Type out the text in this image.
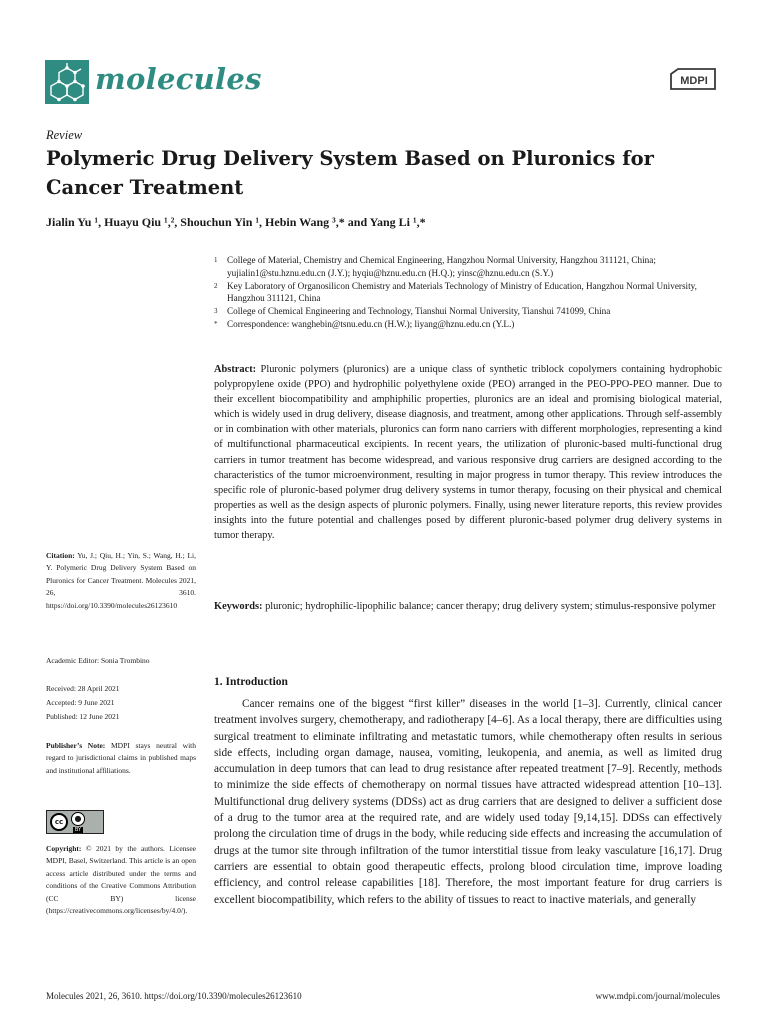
molecules	MDPI
Review
Polymeric Drug Delivery System Based on Pluronics for Cancer Treatment
Jialin Yu ¹, Huayu Qiu ¹,², Shouchun Yin ¹, Hebin Wang ³,* and Yang Li ¹,*
1	College of Material, Chemistry and Chemical Engineering, Hangzhou Normal University, Hangzhou 311121, China; yujialin1@stu.hznu.edu.cn (J.Y.); hyqiu@hznu.edu.cn (H.Q.); yinsc@hznu.edu.cn (S.Y.)
2	Key Laboratory of Organosilicon Chemistry and Materials Technology of Ministry of Education, Hangzhou Normal University, Hangzhou 311121, China
3	College of Chemical Engineering and Technology, Tianshui Normal University, Tianshui 741099, China
*	Correspondence: wanghebin@tsnu.edu.cn (H.W.); liyang@hznu.edu.cn (Y.L.)
Abstract: Pluronic polymers (pluronics) are a unique class of synthetic triblock copolymers containing hydrophobic polypropylene oxide (PPO) and hydrophilic polyethylene oxide (PEO) arranged in the PEO-PPO-PEO manner. Due to their excellent biocompatibility and amphiphilic properties, pluronics are an ideal and promising biological material, which is widely used in drug delivery, disease diagnosis, and treatment, among other applications. Through self-assembly or in combination with other materials, pluronics can form nano carriers with different morphologies, representing a kind of multifunctional pharmaceutical excipients. In recent years, the utilization of pluronic-based multi-functional drug carriers in tumor treatment has become widespread, and various responsive drug carriers are designed according to the characteristics of the tumor microenvironment, resulting in major progress in tumor therapy. This review introduces the specific role of pluronic-based polymer drug delivery systems in tumor therapy, focusing on their physical and chemical properties as well as the design aspects of pluronic polymers. Finally, using newer literature reports, this review provides insights into the future potential and challenges posed by different pluronic-based polymer drug delivery systems in tumor therapy.
Keywords: pluronic; hydrophilic-lipophilic balance; cancer therapy; drug delivery system; stimulus-responsive polymer
Citation: Yu, J.; Qiu, H.; Yin, S.; Wang, H.; Li, Y. Polymeric Drug Delivery System Based on Pluronics for Cancer Treatment. Molecules 2021, 26, 3610. https://doi.org/10.3390/molecules26123610
Academic Editor: Sonia Trombino
Received: 28 April 2021
Accepted: 9 June 2021
Published: 12 June 2021
Publisher’s Note: MDPI stays neutral with regard to jurisdictional claims in published maps and institutional affiliations.
cc	●
BY
Copyright: © 2021 by the authors. Licensee MDPI, Basel, Switzerland. This article is an open access article distributed under the terms and conditions of the Creative Commons Attribution (CC BY) license (https://creativecommons.org/licenses/by/4.0/).
1. Introduction
Cancer remains one of the biggest “first killer” diseases in the world [1–3]. Currently, clinical cancer treatment involves surgery, chemotherapy, and radiotherapy [4–6]. As a local therapy, there are difficulties using surgical treatment to eliminate infiltrating and metastatic tumors, while chemotherapy often results in serious side effects, including organ damage, nausea, vomiting, leukopenia, and anemia, as well as limited drug accumulation in deep tumors that can lead to drug resistance after repeated treatment [7–9]. Recently, methods to minimize the side effects of chemotherapy on normal tissues have attracted widespread attention [10–13]. Multifunctional drug delivery systems (DDSs) act as drug carriers that are designed to deliver a sufficient dose of a drug to the tumor area at the required rate, and are widely used today [9,14,15]. DDSs can effectively prolong the circulation time of drugs in the body, while reducing side effects and increasing the accumulation of drugs at the tumor site through infiltration of the tumor interstitial tissue from leaky vasculature [16,17]. Drug carriers are essential to obtain good therapeutic effects, prolong blood circulation time, improve loading efficiency, and control release capabilities [18]. Therefore, the most important feature for drug carriers is excellent biocompatibility, which refers to the ability of tissues to react to inactive materials, and generally
Molecules 2021, 26, 3610. https://doi.org/10.3390/molecules26123610	www.mdpi.com/journal/molecules
